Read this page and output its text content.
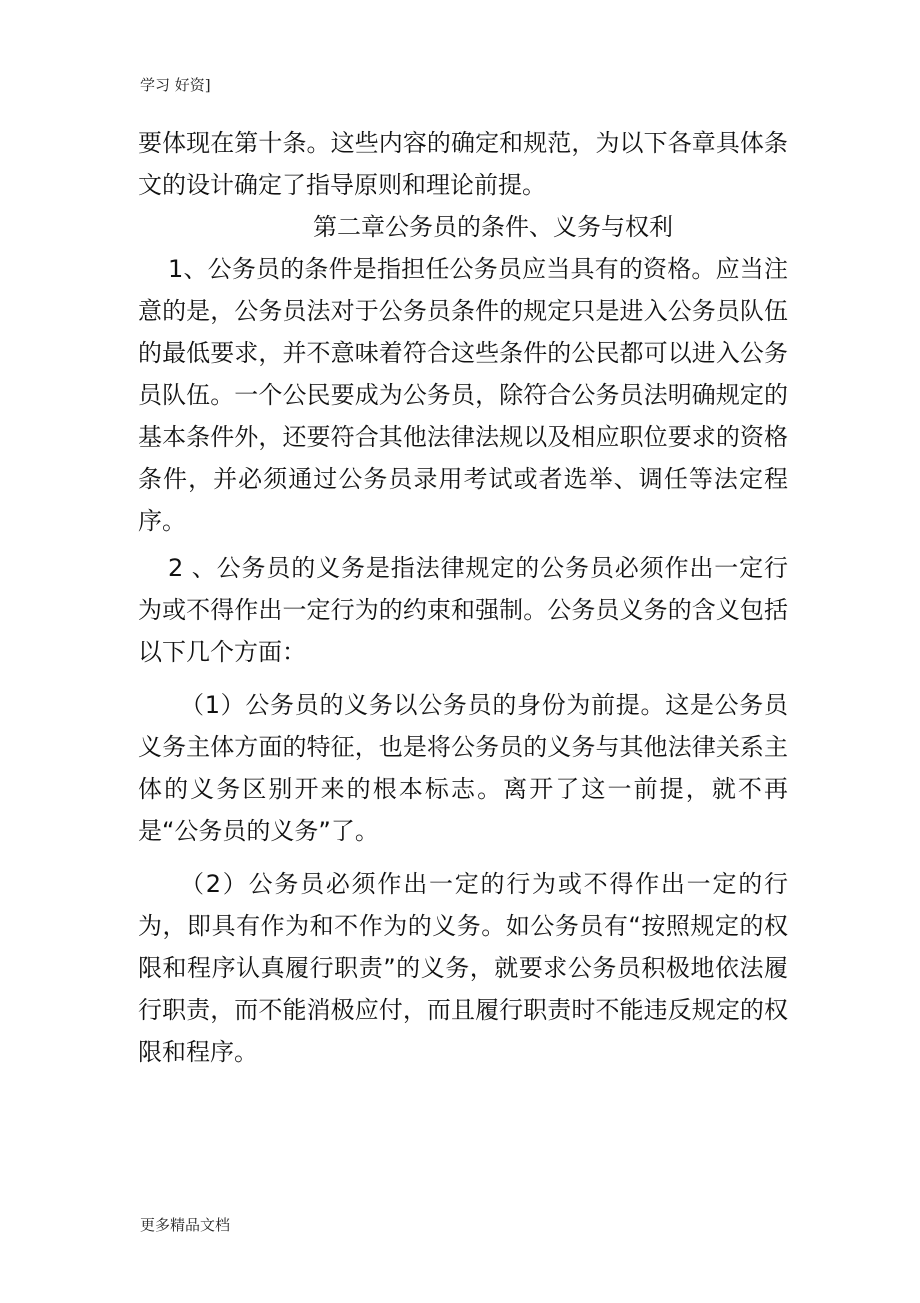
学习 好资]

要体现在第十条。这些内容的确定和规范，为以下各章具体条文的设计确定了指导原则和理论前提。

第二章公务员的条件、义务与权利

1、公务员的条件是指担任公务员应当具有的资格。应当注意的是，公务员法对于公务员条件的规定只是进入公务员队伍的最低要求，并不意味着符合这些条件的公民都可以进入公务员队伍。一个公民要成为公务员，除符合公务员法明确规定的基本条件外，还要符合其他法律法规以及相应职位要求的资格条件，并必须通过公务员录用考试或者选举、调任等法定程序。

2 、公务员的义务是指法律规定的公务员必须作出一定行为或不得作出一定行为的约束和强制。公务员义务的含义包括以下几个方面：

（1）公务员的义务以公务员的身份为前提。这是公务员义务主体方面的特征，也是将公务员的义务与其他法律关系主体的义务区别开来的根本标志。离开了这一前提，就不再是“公务员的义务”了。

（2）公务员必须作出一定的行为或不得作出一定的行为，即具有作为和不作为的义务。如公务员有“按照规定的权限和程序认真履行职责”的义务，就要求公务员积极地依法履行职责，而不能消极应付，而且履行职责时不能违反规定的权限和程序。

更多精品文档
